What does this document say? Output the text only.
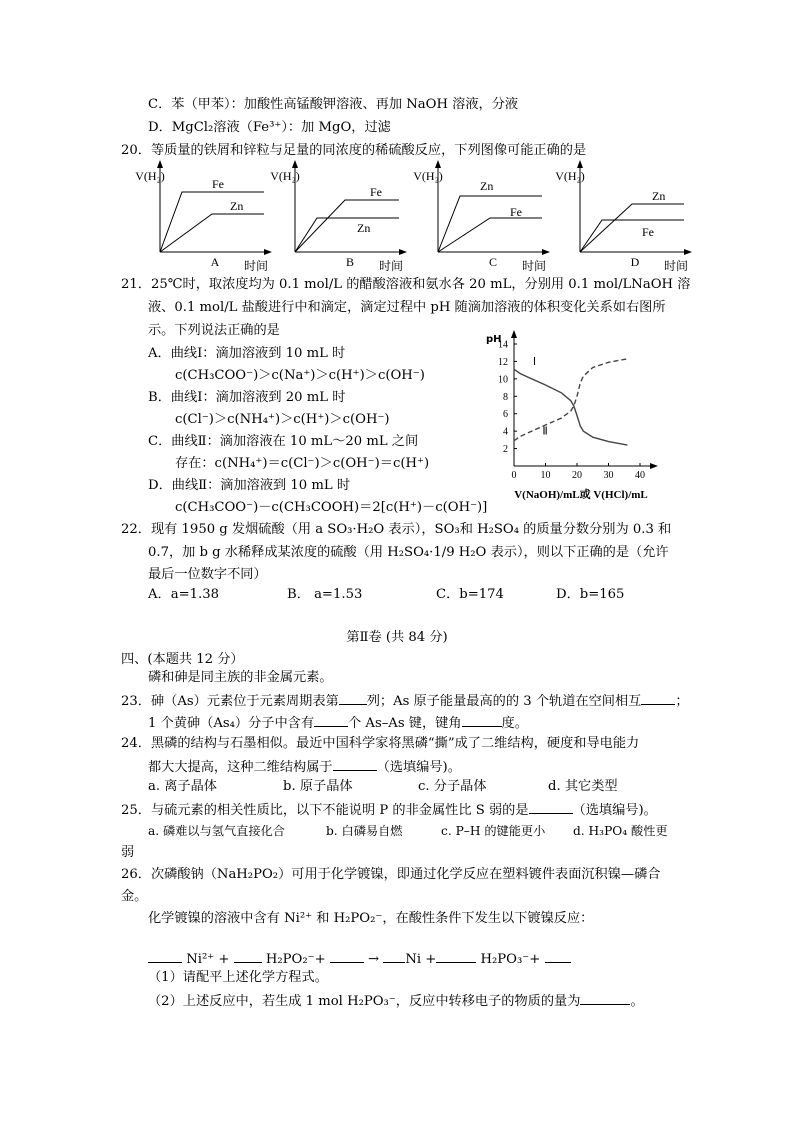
C．苯（甲苯）：加酸性高锰酸钾溶液、再加 NaOH 溶液，分液
D．MgCl₂溶液（Fe³⁺）：加 MgO，过滤
20．等质量的铁屑和锌粒与足量的同浓度的稀硫酸反应，下列图像可能正确的是
V(H₂)
时间
A
Fe
Zn
V(H₂)
时间
B
Fe
Zn
V(H₂)
时间
C
Zn
Fe
V(H₂)
时间
D
Zn
Fe
21．25℃时，取浓度均为 0.1 mol/L 的醋酸溶液和氨水各 20 mL，分别用 0.1 mol/LNaOH 溶
液、0.1 mol/L 盐酸进行中和滴定，滴定过程中 pH 随滴加溶液的体积变化关系如右图所
示。下列说法正确的是
A．曲线Ⅰ：滴加溶液到 10 mL 时
c(CH₃COO⁻)＞c(Na⁺)＞c(H⁺)＞c(OH⁻)
B．曲线Ⅰ：滴加溶液到 20 mL 时
c(Cl⁻)＞c(NH₄⁺)＞c(H⁺)＞c(OH⁻)
C．曲线Ⅱ：滴加溶液在 10 mL～20 mL 之间
存在：c(NH₄⁺)＝c(Cl⁻)＞c(OH⁻)＝c(H⁺)
D．曲线Ⅱ：滴加溶液到 10 mL 时
c(CH₃COO⁻)－c(CH₃COOH)＝2[c(H⁺)－c(OH⁻)]
pH
2
4
6
8
10
12
14
0 10 20 30 40
V(NaOH)/mL或 V(HCl)/mL
Ⅰ
Ⅱ
22．现有 1950 g 发烟硫酸（用 a SO₃·H₂O 表示），SO₃和 H₂SO₄ 的质量分数分别为 0.3 和
0.7，加 b g 水稀释成某浓度的硫酸（用 H₂SO₄·1/9 H₂O 表示），则以下正确的是（允许
最后一位数字不同）
A．a=1.38	B． a=1.53	C．b=174	D．b=165
第Ⅱ卷 (共 84 分)
四、(本题共 12 分）
磷和砷是同主族的非金属元素。
23．砷（As）元素位于元素周期表第 列；As 原子能量最高的的 3 个轨道在空间相互	；
1 个黄砷（As₄）分子中含有	个 As–As 键，键角	度。
24．黑磷的结构与石墨相似。最近中国科学家将黑磷“撕”成了二维结构，硬度和导电能力
都大大提高，这种二维结构属于	（选填编号)。
a. 离子晶体	b. 原子晶体	c. 分子晶体	d. 其它类型
25．与硫元素的相关性质比，以下不能说明 P 的非金属性比 S 弱的是	（选填编号)。
a. 磷难以与氢气直接化合	b. 白磷易自燃	c. P–H 的键能更小 d. H₃PO₄ 酸性更
弱
26．次磷酸钠（NaH₂PO₂）可用于化学镀镍，即通过化学反应在塑料镀件表面沉积镍—磷合
金。
化学镀镍的溶液中含有 Ni²⁺ 和 H₂PO₂⁻，在酸性条件下发生以下镀镍反应：
Ni²⁺ +	H₂PO₂⁻+	→ Ni +	H₂PO₃⁻+
（1）请配平上述化学方程式。
（2）上述反应中，若生成 1 mol H₂PO₃⁻，反应中转移电子的物质的量为	。
